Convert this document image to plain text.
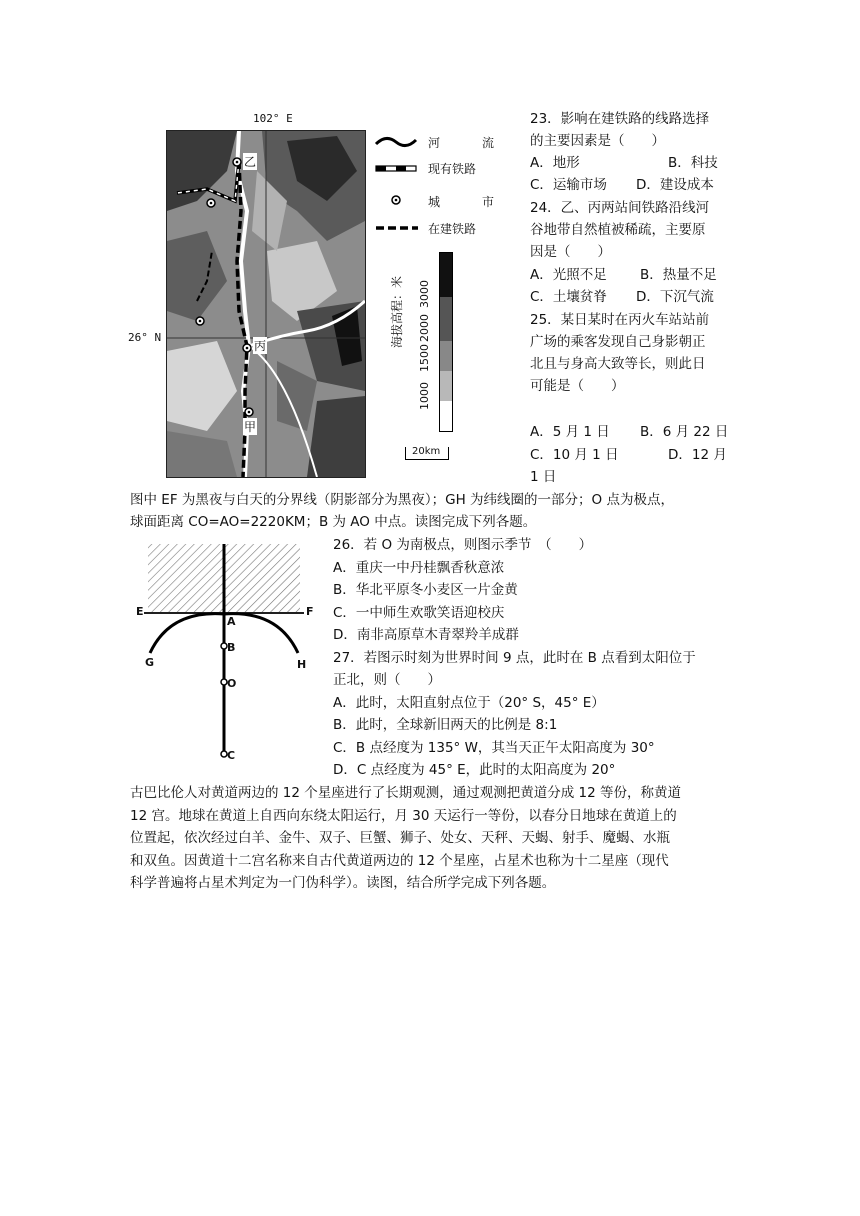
102° E
26° N
乙
丙
甲
河　　流
现有铁路
城　　市
在建铁路
海拔高程：米 3000
2000
1500
1000
20km
23．影响在建铁路的线路选择
的主要因素是（　　）
A．地形	B．科技
C．运输市场 D．建设成本
24．乙、丙两站间铁路沿线河
谷地带自然植被稀疏，主要原
因是（　　）
A．光照不足 B．热量不足
C．土壤贫脊 D．下沉气流
25．某日某时在丙火车站站前
广场的乘客发现自己身影朝正
北且与身高大致等长，则此日
可能是（　　）
A．5 月 1 日 B．6 月 22 日
C．10 月 1 日	D．12 月
1 日
图中 EF 为黑夜与白天的分界线（阴影部分为黑夜）；GH 为纬线圈的一部分；O 点为极点，
球面距离 CO=AO=2220KM；B 为 AO 中点。读图完成下列各题。
E	F
A
B
O
C
G	H
26．若 O 为南极点，则图示季节　（　　）
A．重庆一中丹桂飘香秋意浓
B．华北平原冬小麦区一片金黄
C．一中师生欢歌笑语迎校庆
D．南非高原草木青翠羚羊成群
27．若图示时刻为世界时间 9 点，此时在 B 点看到太阳位于
正北，则（　　）
A．此时，太阳直射点位于（20° S，45° E）
B．此时，全球新旧两天的比例是 8:1
C．B 点经度为 135° W，其当天正午太阳高度为 30°
D．C 点经度为 45° E，此时的太阳高度为 20°
古巴比伦人对黄道两边的 12 个星座进行了长期观测，通过观测把黄道分成 12 等份，称黄道
12 宫。地球在黄道上自西向东绕太阳运行，月 30 天运行一等份，以春分日地球在黄道上的
位置起，依次经过白羊、金牛、双子、巨蟹、狮子、处女、天秤、天蝎、射手、魔蝎、水瓶
和双鱼。因黄道十二宫名称来自古代黄道两边的 12 个星座，占星术也称为十二星座（现代
科学普遍将占星术判定为一门伪科学）。读图，结合所学完成下列各题。
